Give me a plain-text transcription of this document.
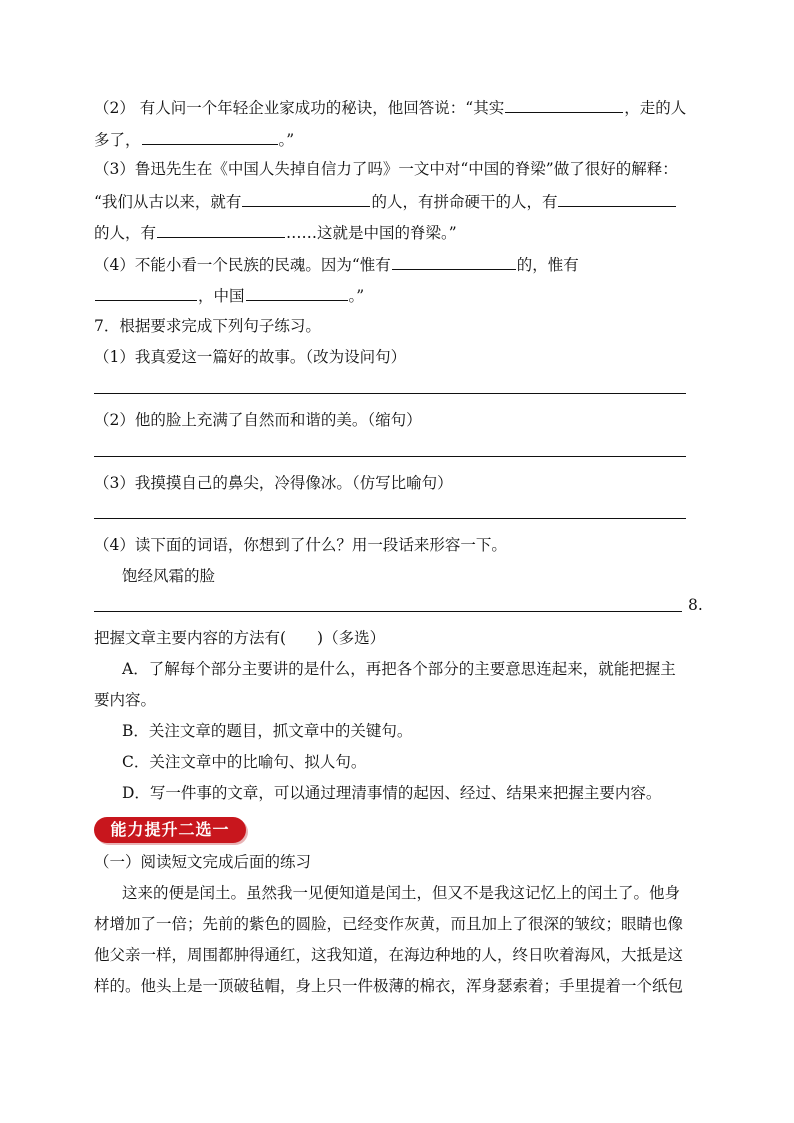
（2） 有人问一个年轻企业家成功的秘诀，他回答说：“其实	，走的人
多了，	。”
（3）鲁迅先生在《中国人失掉自信力了吗》一文中对“中国的脊梁”做了很好的解释：
“我们从古以来，就有	的人，有拼命硬干的人，有
的人，有	……这就是中国的脊梁。”
（4）不能小看一个民族的民魂。因为“惟有	的，惟有
，中国	。”
7．根据要求完成下列句子练习。
（1）我真爱这一篇好的故事。（改为设问句）
（2）他的脸上充满了自然而和谐的美。（缩句）
（3）我摸摸自己的鼻尖，冷得像冰。（仿写比喻句）
（4）读下面的词语，你想到了什么？用一段话来形容一下。
饱经风霜的脸
8.
把握文章主要内容的方法有(　　)（多选）
A．了解每个部分主要讲的是什么，再把各个部分的主要意思连起来，就能把握主
要内容。
B．关注文章的题目，抓文章中的关键句。
C．关注文章中的比喻句、拟人句。
D．写一件事的文章，可以通过理清事情的起因、经过、结果来把握主要内容。
能力提升二选一
（一）阅读短文完成后面的练习
这来的便是闰土。虽然我一见便知道是闰土，但又不是我这记忆上的闰土了。他身
材增加了一倍；先前的紫色的圆脸，已经变作灰黄，而且加上了很深的皱纹；眼睛也像
他父亲一样，周围都肿得通红，这我知道，在海边种地的人，终日吹着海风，大抵是这
样的。他头上是一顶破毡帽，身上只一件极薄的棉衣，浑身瑟索着；手里提着一个纸包
